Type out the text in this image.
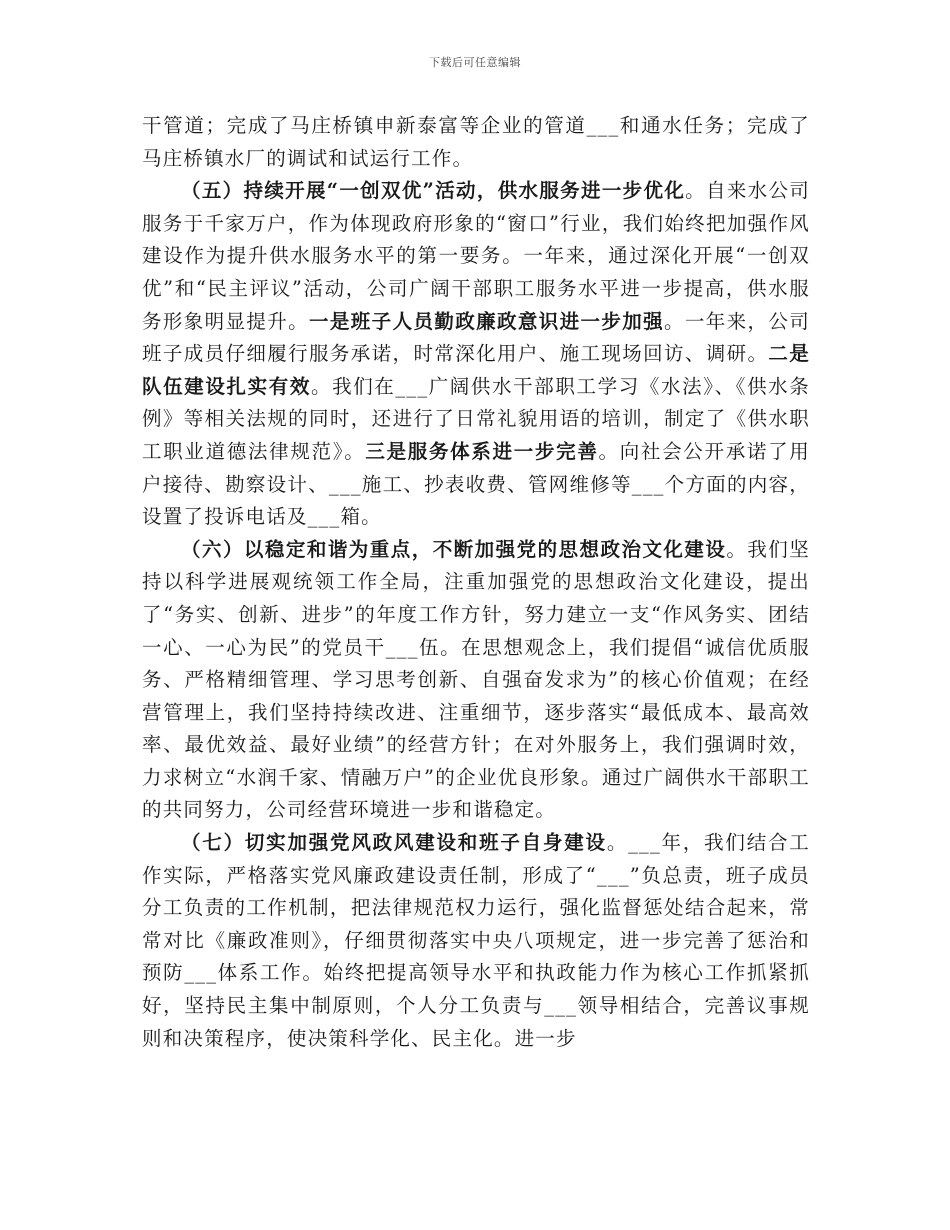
下载后可任意编辑

干管道；完成了马庄桥镇申新泰富等企业的管道___和通水任务；完成了马庄桥镇水厂的调试和试运行工作。

（五）持续开展“一创双优”活动，供水服务进一步优化。自来水公司服务于千家万户，作为体现政府形象的“窗口”行业，我们始终把加强作风建设作为提升供水服务水平的第一要务。一年来，通过深化开展“一创双优”和“民主评议”活动，公司广阔干部职工服务水平进一步提高，供水服务形象明显提升。一是班子人员勤政廉政意识进一步加强。一年来，公司班子成员仔细履行服务承诺，时常深化用户、施工现场回访、调研。二是队伍建设扎实有效。我们在___广阔供水干部职工学习《水法》、《供水条例》等相关法规的同时，还进行了日常礼貌用语的培训，制定了《供水职工职业道德法律规范》。三是服务体系进一步完善。向社会公开承诺了用户接待、勘察设计、___施工、抄表收费、管网维修等___个方面的内容，设置了投诉电话及___箱。

（六）以稳定和谐为重点，不断加强党的思想政治文化建设。我们坚持以科学进展观统领工作全局，注重加强党的思想政治文化建设，提出了“务实、创新、进步”的年度工作方针，努力建立一支“作风务实、团结一心、一心为民”的党员干___伍。在思想观念上，我们提倡“诚信优质服务、严格精细管理、学习思考创新、自强奋发求为”的核心价值观；在经营管理上，我们坚持持续改进、注重细节，逐步落实“最低成本、最高效率、最优效益、最好业绩”的经营方针；在对外服务上，我们强调时效，力求树立“水润千家、情融万户”的企业优良形象。通过广阔供水干部职工的共同努力，公司经营环境进一步和谐稳定。

（七）切实加强党风政风建设和班子自身建设。___年，我们结合工作实际，严格落实党风廉政建设责任制，形成了“___”负总责，班子成员分工负责的工作机制，把法律规范权力运行，强化监督惩处结合起来，常常对比《廉政准则》，仔细贯彻落实中央八项规定，进一步完善了惩治和预防___体系工作。始终把提高领导水平和执政能力作为核心工作抓紧抓好，坚持民主集中制原则，个人分工负责与___领导相结合，完善议事规则和决策程序，使决策科学化、民主化。进一步
